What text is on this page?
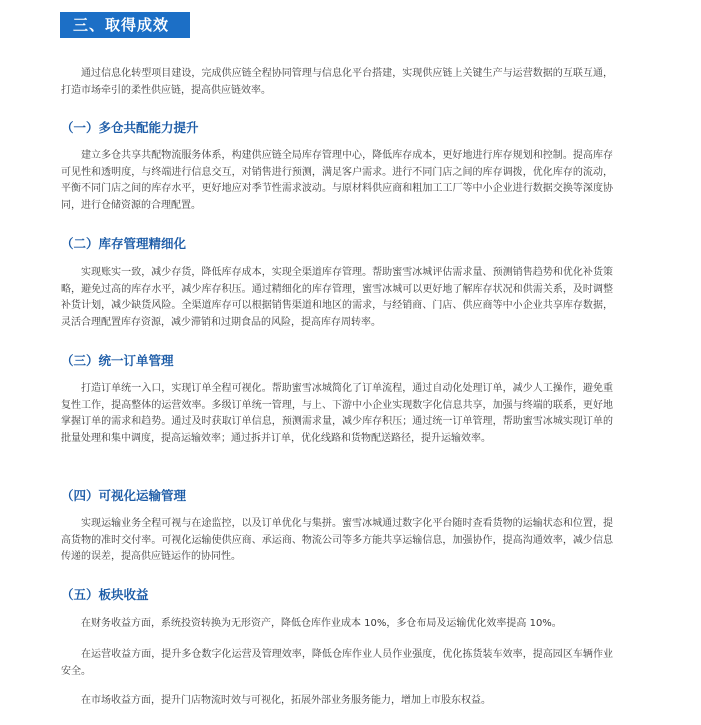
三、取得成效

通过信息化转型项目建设，完成供应链全程协同管理与信息化平台搭建，实现供应链上关键生产与运营数据的互联互通，打造市场牵引的柔性供应链，提高供应链效率。

（一）多仓共配能力提升

建立多仓共享共配物流服务体系，构建供应链全局库存管理中心，降低库存成本，更好地进行库存规划和控制。提高库存可见性和透明度，与终端进行信息交互，对销售进行预测，满足客户需求。进行不同门店之间的库存调拨，优化库存的流动，平衡不同门店之间的库存水平，更好地应对季节性需求波动。与原材料供应商和粗加工工厂等中小企业进行数据交换等深度协同，进行仓储资源的合理配置。

（二）库存管理精细化

实现账实一致，减少存货，降低库存成本，实现全渠道库存管理。帮助蜜雪冰城评估需求量、预测销售趋势和优化补货策略，避免过高的库存水平，减少库存积压。通过精细化的库存管理，蜜雪冰城可以更好地了解库存状况和供需关系，及时调整补货计划，减少缺货风险。全渠道库存可以根据销售渠道和地区的需求，与经销商、门店、供应商等中小企业共享库存数据，灵活合理配置库存资源，减少滞销和过期食品的风险，提高库存周转率。

（三）统一订单管理

打造订单统一入口，实现订单全程可视化。帮助蜜雪冰城简化了订单流程，通过自动化处理订单，减少人工操作，避免重复性工作，提高整体的运营效率。多级订单统一管理，与上、下游中小企业实现数字化信息共享，加强与终端的联系，更好地掌握订单的需求和趋势。通过及时获取订单信息，预测需求量，减少库存积压；通过统一订单管理，帮助蜜雪冰城实现订单的批量处理和集中调度，提高运输效率；通过拆并订单，优化线路和货物配送路径，提升运输效率。

（四）可视化运输管理

实现运输业务全程可视与在途监控，以及订单优化与集拼。蜜雪冰城通过数字化平台随时查看货物的运输状态和位置，提高货物的准时交付率。可视化运输使供应商、承运商、物流公司等多方能共享运输信息，加强协作，提高沟通效率，减少信息传递的误差，提高供应链运作的协同性。

（五）板块收益

在财务收益方面，系统投资转换为无形资产，降低仓库作业成本 10%，多仓布局及运输优化效率提高 10%。

在运营收益方面，提升多仓数字化运营及管理效率，降低仓库作业人员作业强度，优化拣货装车效率，提高园区车辆作业安全。

在市场收益方面，提升门店物流时效与可视化，拓展外部业务服务能力，增加上市股东权益。
